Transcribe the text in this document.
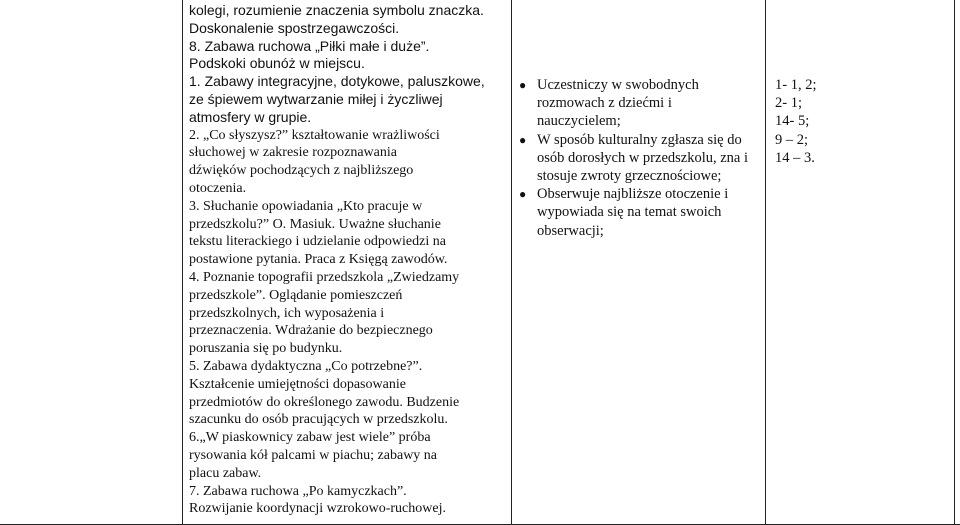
kolegi, rozumienie znaczenia symbolu znaczka.
Doskonalenie spostrzegawczości.
8. Zabawa ruchowa „Piłki małe i duże”.
Podskoki obunóż w miejscu.
1. Zabawy integracyjne, dotykowe, paluszkowe,
ze śpiewem wytwarzanie miłej i życzliwej
atmosfery w grupie.
2. „Co słyszysz?” kształtowanie wrażliwości
słuchowej w zakresie rozpoznawania
dźwięków pochodzących z najbliższego
otoczenia.
3. Słuchanie opowiadania „Kto pracuje w
przedszkolu?” O. Masiuk. Uważne słuchanie
tekstu literackiego i udzielanie odpowiedzi na
postawione pytania. Praca z Księgą zawodów.
4. Poznanie topografii przedszkola „Zwiedzamy
przedszkole”. Oglądanie pomieszczeń
przedszkolnych, ich wyposażenia i
przeznaczenia. Wdrażanie do bezpiecznego
poruszania się po budynku.
5. Zabawa dydaktyczna „Co potrzebne?”.
Kształcenie umiejętności dopasowanie
przedmiotów do określonego zawodu. Budzenie
szacunku do osób pracujących w przedszkolu.
6.„W piaskownicy zabaw jest wiele” próba
rysowania kół palcami w piachu; zabawy na
placu zabaw.
7. Zabawa ruchowa „Po kamyczkach”.
Rozwijanie koordynacji wzrokowo-ruchowej.
● Uczestniczy w swobodnych rozmowach z dziećmi i nauczycielem;
● W sposób kulturalny zgłasza się do osób dorosłych w przedszkolu, zna i stosuje zwroty grzecznościowe;
● Obserwuje najbliższe otoczenie i wypowiada się na temat swoich obserwacji;
1- 1, 2;
2- 1;
14- 5;
9 – 2;
14 – 3.
